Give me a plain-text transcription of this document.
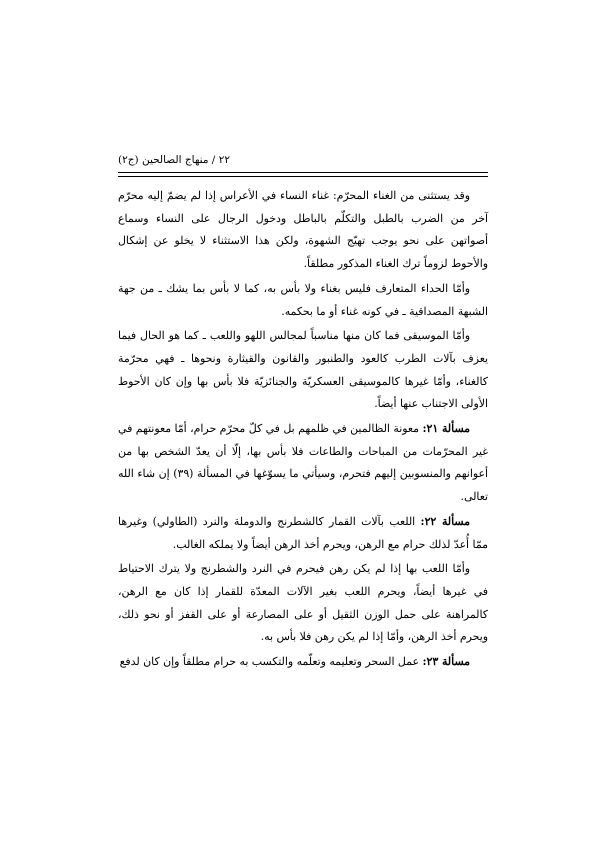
٢٢ / منهاج الصالحين (ج٢)

وقد يستثنى من الغناء المحرّم: غناء النساء في الأعراس إذا لم يضمّ إليه محرّم آخر من الضرب بالطبل والتكلّم بالباطل ودخول الرجال على النساء وسماع أصواتهن على نحو يوجب تهيّج الشهوة، ولكن هذا الاستثناء لا يخلو عن إشكال والأحوط لزوماً ترك الغناء المذكور مطلقاً.

وأمّا الحداء المتعارف فليس بغناء ولا بأس به، كما لا بأس بما يشك ـ من جهة الشبهة المصداقية ـ في كونه غناء أو ما بحكمه.

وأمّا الموسيقى فما كان منها مناسباً لمجالس اللهو واللعب ـ كما هو الحال فيما يعزف بآلات الطرب كالعود والطنبور والقانون والقيثارة ونحوها ـ فهي محرّمة كالغناء، وأمّا غيرها كالموسيقى العسكريّة والجنائزيّة فلا بأس بها وإن كان الأحوط الأولى الاجتناب عنها أيضاً.

مسألة ٢١: معونة الظالمين في ظلمهم بل في كلّ محرّم حرام، أمّا معونتهم في غير المحرّمات من المباحات والطاعات فلا بأس بها، إلّا أن يعدّ الشخص بها من أعوانهم والمنسوبين إليهم فتحرم، وسيأتي ما يسوّغها في المسألة (٣٩) إن شاء الله تعالى.

مسألة ٢٢: اللعب بآلات القمار كالشطرنج والدوملة والنرد (الطاولي) وغيرها ممّا أُعدّ لذلك حرام مع الرهن، ويحرم أخذ الرهن أيضاً ولا يملكه الغالب.

وأمّا اللعب بها إذا لم يكن رهن فيحرم في النرد والشطرنج ولا يترك الاحتياط في غيرها أيضاً، ويحرم اللعب بغير الآلات المعدّة للقمار إذا كان مع الرهن، كالمراهنة على حمل الوزن الثقيل أو على المصارعة أو على القفز أو نحو ذلك، ويحرم أخذ الرهن، وأمّا إذا لم يكن رهن فلا بأس به.

مسألة ٢٣: عمل السحر وتعليمه وتعلّمه والتكسب به حرام مطلقاً وإن كان لدفع
